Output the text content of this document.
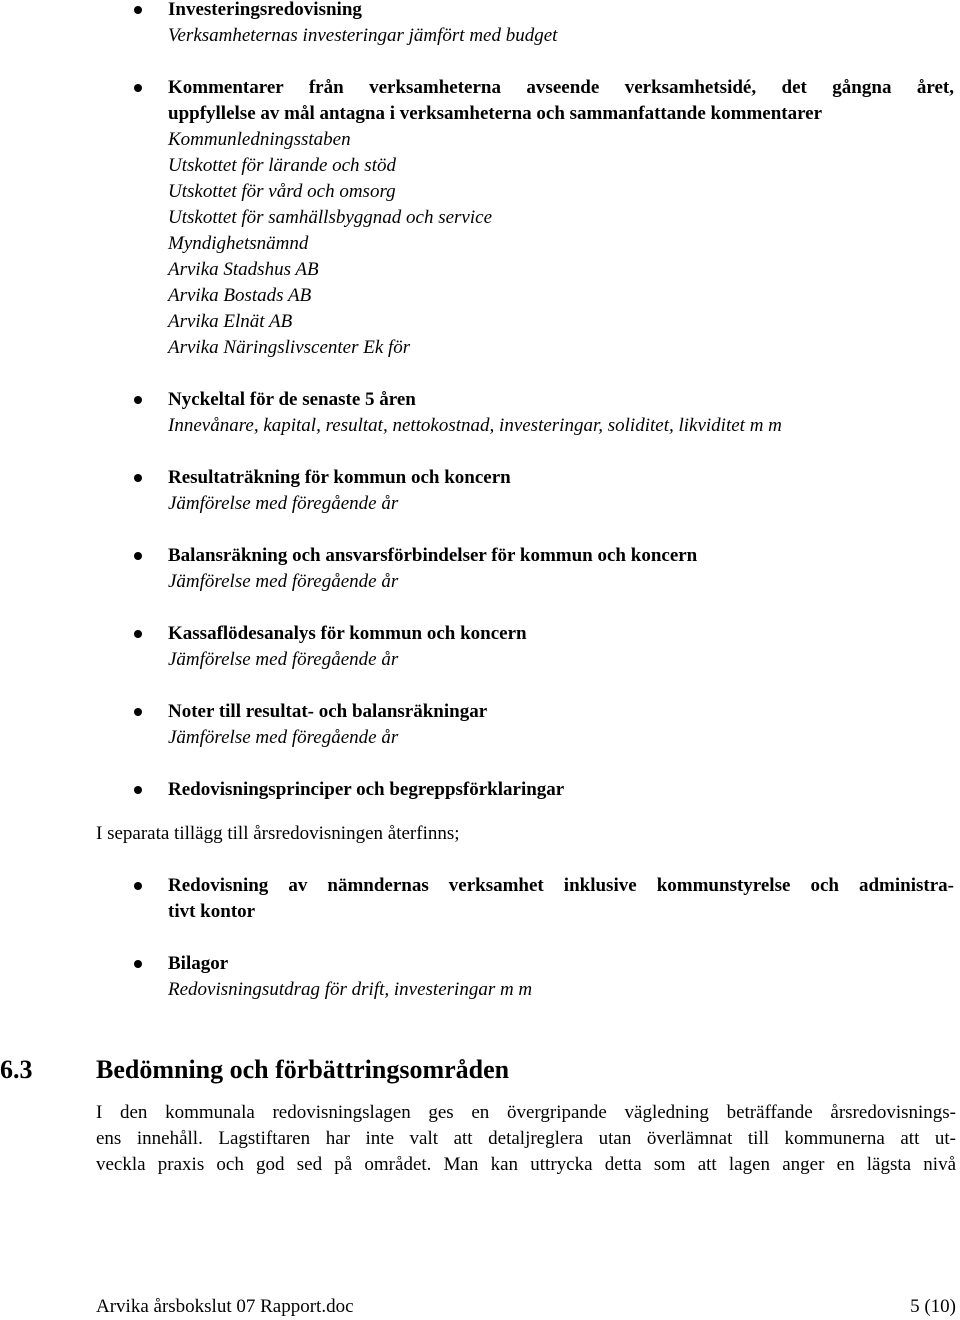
Investeringsredovisning
Verksamheternas investeringar jämfört med budget
Kommentarer från verksamheterna avseende verksamhetsidé, det gångna året,
uppfyllelse av mål antagna i verksamheterna och sammanfattande kommentarer
Kommunledningsstaben
Utskottet för lärande och stöd
Utskottet för vård och omsorg
Utskottet för samhällsbyggnad och service
Myndighetsnämnd
Arvika Stadshus AB
Arvika Bostads AB
Arvika Elnät AB
Arvika Näringslivscenter Ek för
Nyckeltal för de senaste 5 åren
Innevånare, kapital, resultat, nettokostnad, investeringar, soliditet, likviditet m m
Resultaträkning för kommun och koncern
Jämförelse med föregående år
Balansräkning och ansvarsförbindelser för kommun och koncern
Jämförelse med föregående år
Kassaflödesanalys för kommun och koncern
Jämförelse med föregående år
Noter till resultat- och balansräkningar
Jämförelse med föregående år
Redovisningsprinciper och begreppsförklaringar
I separata tillägg till årsredovisningen återfinns;
Redovisning av nämndernas verksamhet inklusive kommunstyrelse och administra-
tivt kontor
Bilagor
Redovisningsutdrag för drift, investeringar m m
6.3 Bedömning och förbättringsområden
I den kommunala redovisningslagen ges en övergripande vägledning beträffande årsredovisnings-
ens innehåll. Lagstiftaren har inte valt att detaljreglera utan överlämnat till kommunerna att ut-
veckla praxis och god sed på området. Man kan uttrycka detta som att lagen anger en lägsta nivå
Arvika årsbokslut 07 Rapport.doc	5 (10)
